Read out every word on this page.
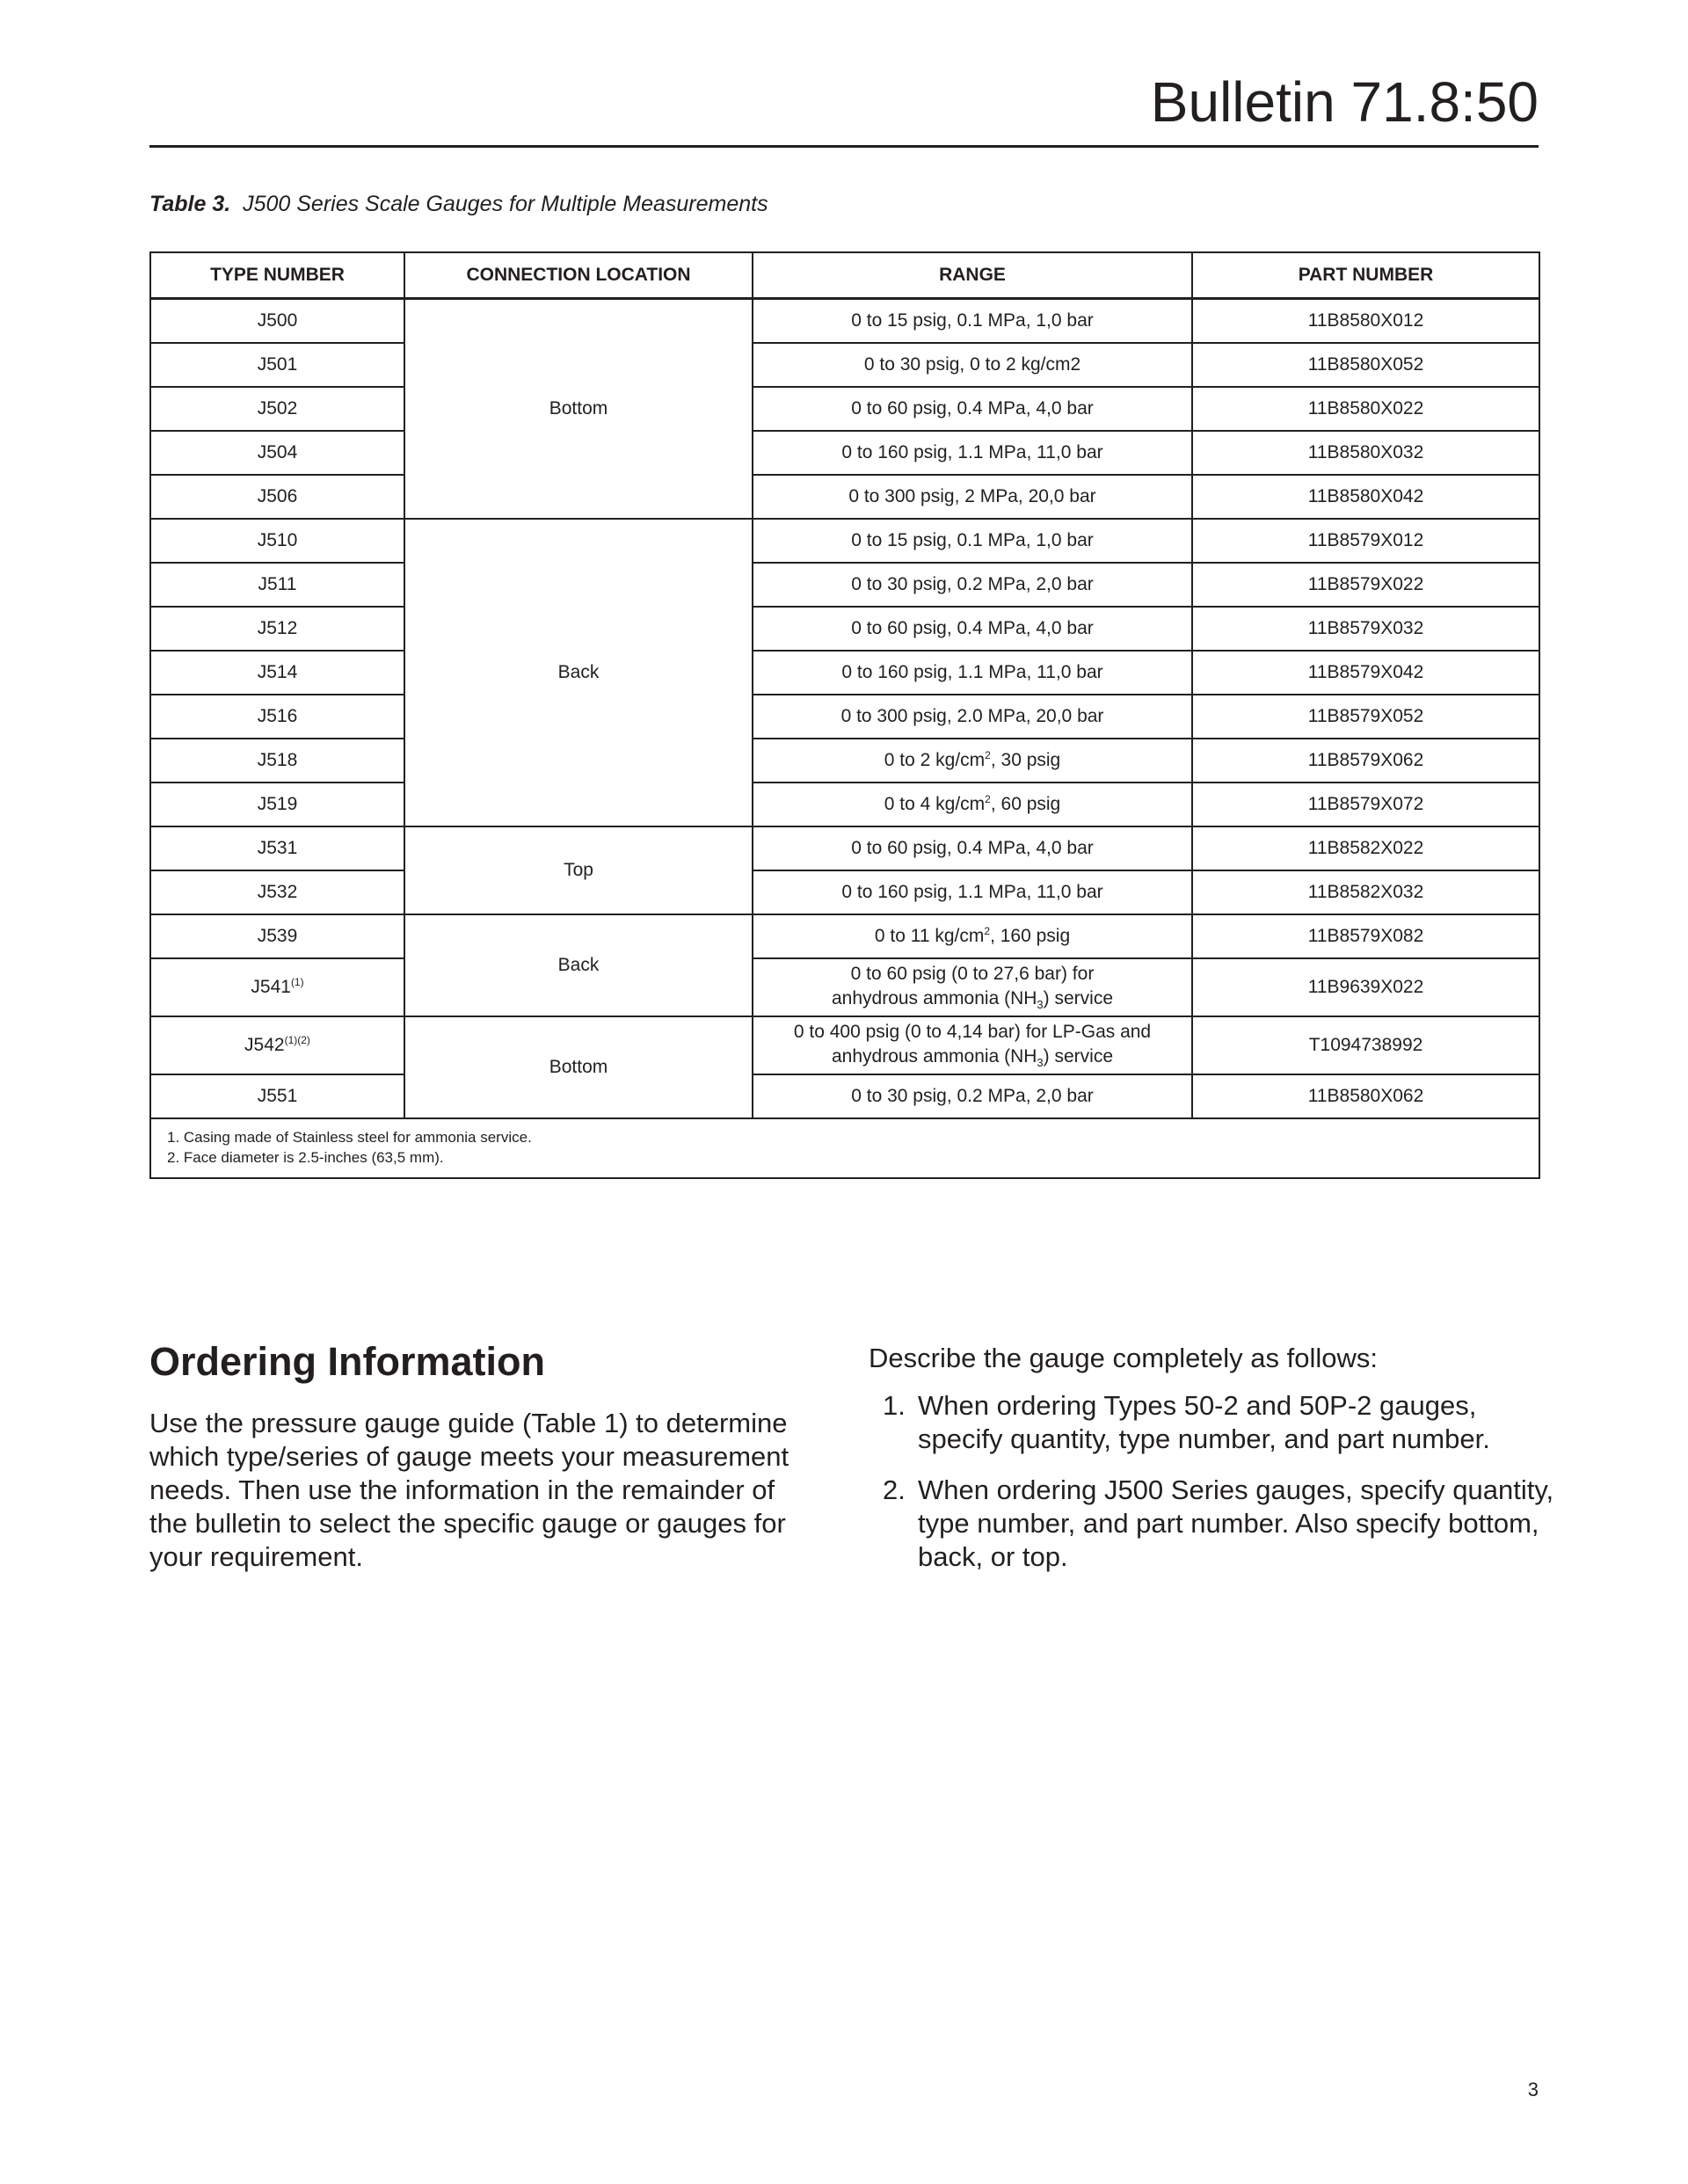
Bulletin 71.8:50
Table 3. J500 Series Scale Gauges for Multiple Measurements
TYPE NUMBER	CONNECTION LOCATION	RANGE	PART NUMBER
J500	Bottom	0 to 15 psig, 0.1 MPa, 1,0 bar	11B8580X012
J501		0 to 30 psig, 0 to 2 kg/cm2	11B8580X052
J502		0 to 60 psig, 0.4 MPa, 4,0 bar	11B8580X022
J504		0 to 160 psig, 1.1 MPa, 11,0 bar	11B8580X032
J506		0 to 300 psig, 2 MPa, 20,0 bar	11B8580X042
J510	Back	0 to 15 psig, 0.1 MPa, 1,0 bar	11B8579X012
J511		0 to 30 psig, 0.2 MPa, 2,0 bar	11B8579X022
J512		0 to 60 psig, 0.4 MPa, 4,0 bar	11B8579X032
J514		0 to 160 psig, 1.1 MPa, 11,0 bar	11B8579X042
J516		0 to 300 psig, 2.0 MPa, 20,0 bar	11B8579X052
J518		0 to 2 $kg/cm^2$, 30 psig	11B8579X062
J519		0 to 4 $kg/cm^2$, 60 psig	11B8579X072
J531	Top	0 to 60 psig, 0.4 MPa, 4,0 bar	11B8582X022
J532		0 to 160 psig, 1.1 MPa, 11,0 bar	11B8582X032
J539	Back	0 to 11 $kg/cm^2$, 160 psig	11B8579X082
J541$^{(1)}$		0 to 60 psig (0 to 27,6 bar) for
anhydrous ammonia $(NH_3)$ service	11B9639X022
$J542^{(1)(2)}$	Bottom	0 to 400 psig (0 to 4,14 bar) for LP-Gas and
anhydrous ammonia $(NH_3)$ service	T1094738992
J551		0 to 30 psig, 0.2 MPa, 2,0 bar	11B8580X062

1. Casing made of Stainless steel for ammonia service.
2. Face diameter is 2.5-inches (63,5 mm).			
Ordering Information

Use the pressure gauge guide (Table 1) to determine which type/series of gauge meets your measurement needs. Then use the information in the remainder of the bulletin to select the specific gauge or gauges for your requirement.

Describe the gauge completely as follows:

1. When ordering Types 50-2 and 50P-2 gauges, specify quantity, type number, and part number.
2. When ordering J500 Series gauges, specify quantity, type number, and part number. Also specify bottom, back, or top.
3
